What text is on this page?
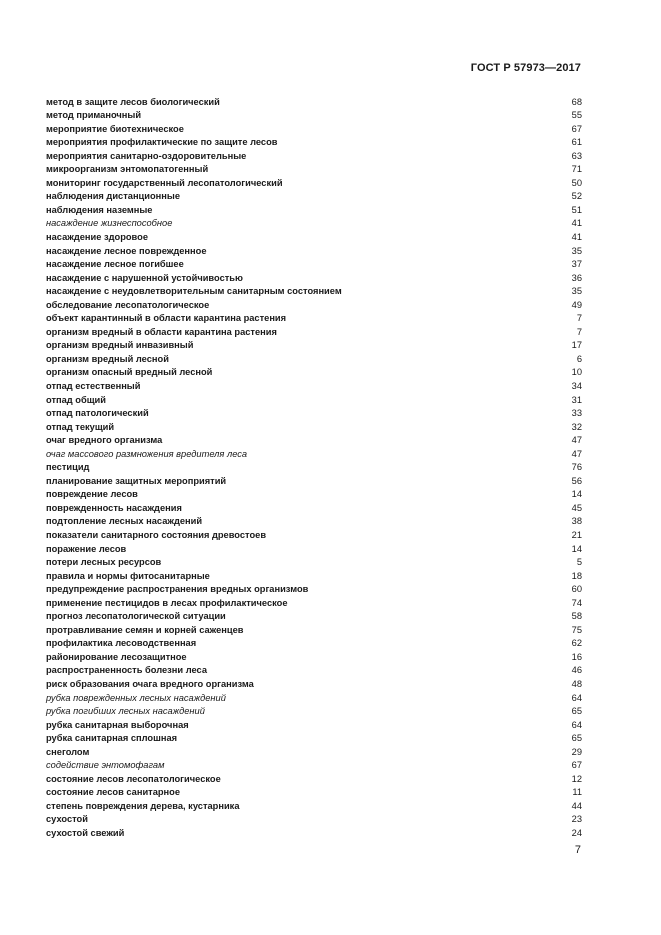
ГОСТ Р 57973—2017
метод в защите лесов биологический	68
метод приманочный	55
мероприятие биотехническое	67
мероприятия профилактические по защите лесов	61
мероприятия санитарно-оздоровительные	63
микроорганизм энтомопатогенный	71
мониторинг государственный лесопатологический	50
наблюдения дистанционные	52
наблюдения наземные	51
насаждение жизнеспособное	41
насаждение здоровое	41
насаждение лесное поврежденное	35
насаждение лесное погибшее	37
насаждение с нарушенной устойчивостью	36
насаждение с неудовлетворительным санитарным состоянием	35
обследование лесопатологическое	49
объект карантинный в области карантина растения	7
организм вредный в области карантина растения	7
организм вредный инвазивный	17
организм вредный лесной	6
организм опасный вредный лесной	10
отпад естественный	34
отпад общий	31
отпад патологический	33
отпад текущий	32
очаг вредного организма	47
очаг массового размножения вредителя леса	47
пестицид	76
планирование защитных мероприятий	56
повреждение лесов	14
поврежденность насаждения	45
подтопление лесных насаждений	38
показатели санитарного состояния древостоев	21
поражение лесов	14
потери лесных ресурсов	5
правила и нормы фитосанитарные	18
предупреждение распространения вредных организмов	60
применение пестицидов в лесах профилактическое	74
прогноз лесопатологической ситуации	58
протравливание семян и корней саженцев	75
профилактика лесоводственная	62
районирование лесозащитное	16
распространенность болезни леса	46
риск образования очага вредного организма	48
рубка поврежденных лесных насаждений	64
рубка погибших лесных насаждений	65
рубка санитарная выборочная	64
рубка санитарная сплошная	65
снеголом	29
содействие энтомофагам	67
состояние лесов лесопатологическое	12
состояние лесов санитарное	11
степень повреждения дерева, кустарника	44
сухостой	23
сухостой свежий	24
7
